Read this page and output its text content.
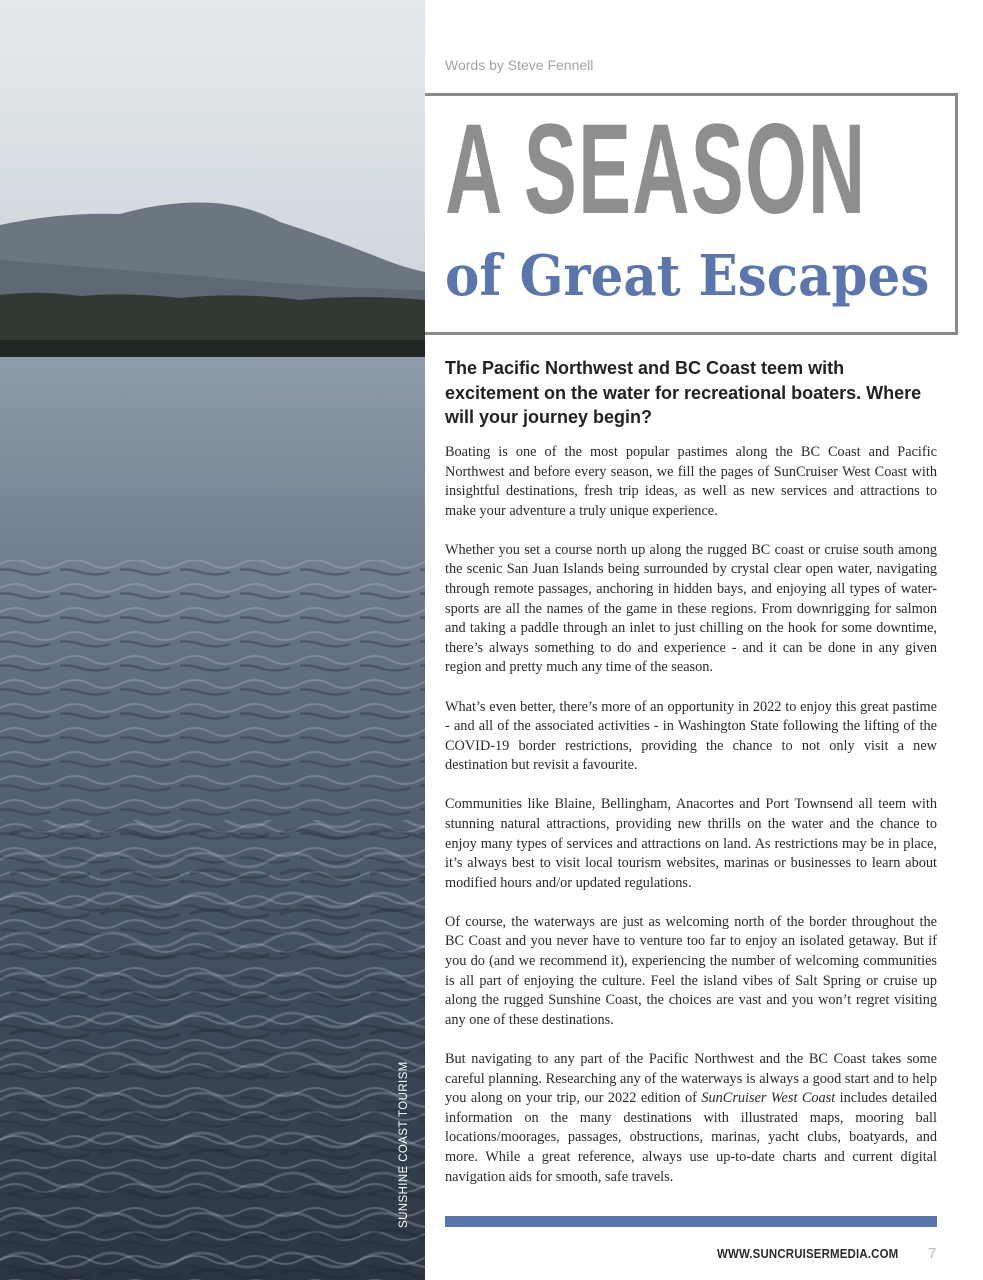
SUNSHINE COAST TOURISM
Words by Steve Fennell
A SEASON
of Great Escapes
The Pacific Northwest and BC Coast teem with excitement on the water for recreational boaters. Where will your journey begin?

Boating is one of the most popular pastimes along the BC Coast and Pacific Northwest and before every season, we fill the pages of SunCruiser West Coast with insightful destinations, fresh trip ideas, as well as new services and attractions to make your adventure a truly unique experience.

Whether you set a course north up along the rugged BC coast or cruise south among the scenic San Juan Islands being surrounded by crystal clear open water, navigating through remote passages, anchoring in hidden bays, and enjoying all types of water-sports are all the names of the game in these regions. From downrigging for salmon and taking a paddle through an inlet to just chilling on the hook for some downtime, there’s always something to do and experience - and it can be done in any given region and pretty much any time of the season.

What’s even better, there’s more of an opportunity in 2022 to enjoy this great pastime - and all of the associated activities - in Washington State following the lifting of the COVID-19 border restrictions, providing the chance to not only visit a new destination but revisit a favourite.

Communities like Blaine, Bellingham, Anacortes and Port Townsend all teem with stunning natural attractions, providing new thrills on the water and the chance to enjoy many types of services and attractions on land. As restrictions may be in place, it’s always best to visit local tourism websites, marinas or businesses to learn about modified hours and/or updated regulations.

Of course, the waterways are just as welcoming north of the border throughout the BC Coast and you never have to venture too far to enjoy an isolated getaway. But if you do (and we recommend it), experiencing the number of welcoming communities is all part of enjoying the culture. Feel the island vibes of Salt Spring or cruise up along the rugged Sunshine Coast, the choices are vast and you won’t regret visiting any one of these destinations.

But navigating to any part of the Pacific Northwest and the BC Coast takes some careful planning. Researching any of the waterways is always a good start and to help you along on your trip, our 2022 edition of SunCruiser West Coast includes detailed information on the many destinations with illustrated maps, mooring ball locations/moorages, passages, obstructions, marinas, yacht clubs, boatyards, and more. While a great reference, always use up-to-date charts and current digital navigation aids for smooth, safe travels.

WWW.SUNCRUISERMEDIA.COM 7
